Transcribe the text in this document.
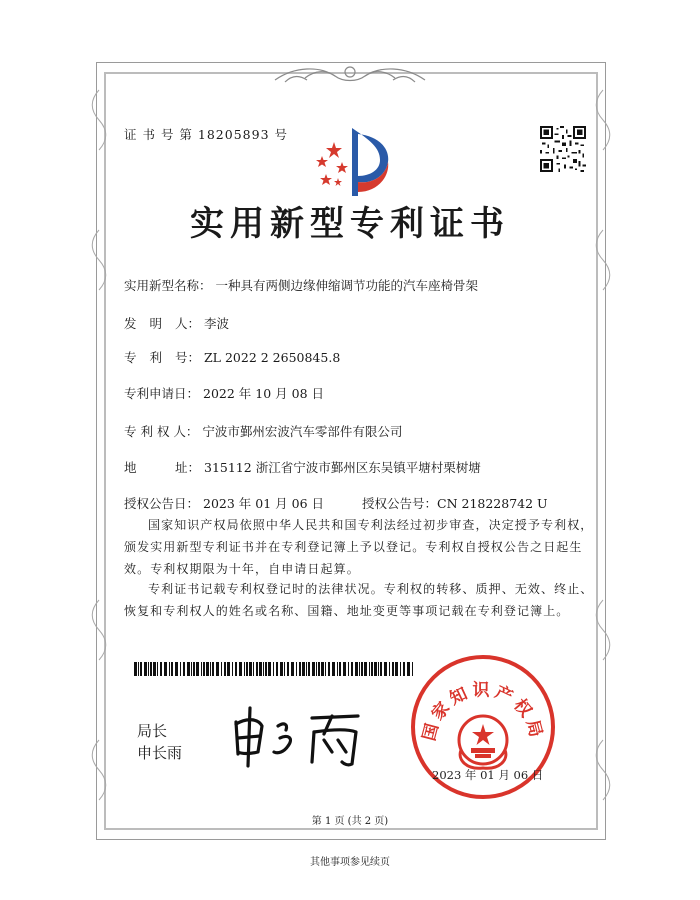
证 书 号 第 18205893 号
实用新型专利证书
实用新型名称： 一种具有两侧边缘伸缩调节功能的汽车座椅骨架
发 明 人： 李波
专 利 号： ZL 2022 2 2650845.8
专利申请日： 2022 年 10 月 08 日
专 利 权 人： 宁波市鄞州宏波汽车零部件有限公司
地	址： 315112 浙江省宁波市鄞州区东吴镇平塘村栗树塘
授权公告日： 2023 年 01 月 06 日	授权公告号：CN 218228742 U
国家知识产权局依照中华人民共和国专利法经过初步审查，决定授予专利权，颁发实用新型专利证书并在专利登记簿上予以登记。专利权自授权公告之日起生效。专利权期限为十年，自申请日起算。
专利证书记载专利权登记时的法律状况。专利权的转移、质押、无效、终止、恢复和专利权人的姓名或名称、国籍、地址变更等事项记载在专利登记簿上。
局长
申长雨
国家知识产权局
2023 年 01 月 06 日
第 1 页 (共 2 页)
其他事项参见续页
